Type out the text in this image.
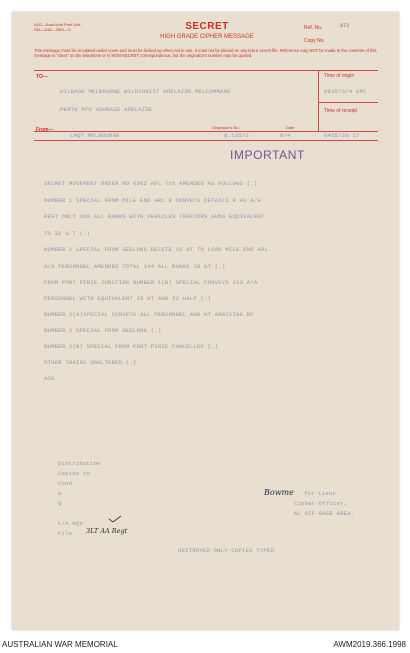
A0G—Aust Mob Print Unit
SM—4/45—35M—O	SECRET
HIGH GRADE CIPHER MESSAGE
Ref. No.	973
Copy No.
This message must be circulated under cover and must be locked up when not in use. It must not be placed on any lost a secret file. Reference may NOT be made to the contents of this message in "clear" on the telephone or in NON-SECRET correspondence, but the originator's number may be quoted.
TO—	Time of origin
HILBASE MELBOURNE WILDCHRIST ADELAIDE MELCOMMAND
PERTH MTD ADWBASE ADELAIDE
0835/9/4 GMT
Time of receipt
From—	Originator's No.	Date
LHQT MELBOURNE	Q.13572	9/4	0455/20 17
IMPORTANT
SECRET MOVEMENT ORDER NO 6362 APL 7th AMENDED AS FOLLOWS (.)
NUMBER 1 SPECIAL FROM MILE END ARL 8 CONVEYS DETAILS 8 AS A/A
REGT ONLY 160 ALL RANKS WITH VEHICLES TRACTORS GUNS EQUIVALENT
TO 32 G T (.)
NUMBER 2 SPECIAL FROM GEELONG DELETE 18 HT TO LOAD MILE END ARL
A/A PERSONNEL AMENDED TOTAL 144 ALL RANKS 18 GT (.)
FROM PORT PIRIE JUNCTION NUMBER 1(B) SPECIAL CONVEYS 113 A/A
PERSONNEL WITH EQUIVALENT 18 HT AND 22 HALF (.)
NUMBER 2(A)SPECIAL CONVEYS ALL PERSONNEL AND HT ARRIVING BY
NUMBER 2 SPECIAL FROM GEELONG (.)
NUMBER 2(B) SPECIAL FROM PORT PIRIE CANCELLED (.)
OTHER TRAINS UNALTERED (.)
ACK
Distribution
Copies to
Cond
G
Q
L/A HQs
File 3LT AA Regt
Bowme for Lieut.
Cipher Officer,
WL AIF BASE AREA.
DESTROYED ONLY COPIES TYPED
AUSTRALIAN WAR MEMORIAL	AWM2019.366.1998
